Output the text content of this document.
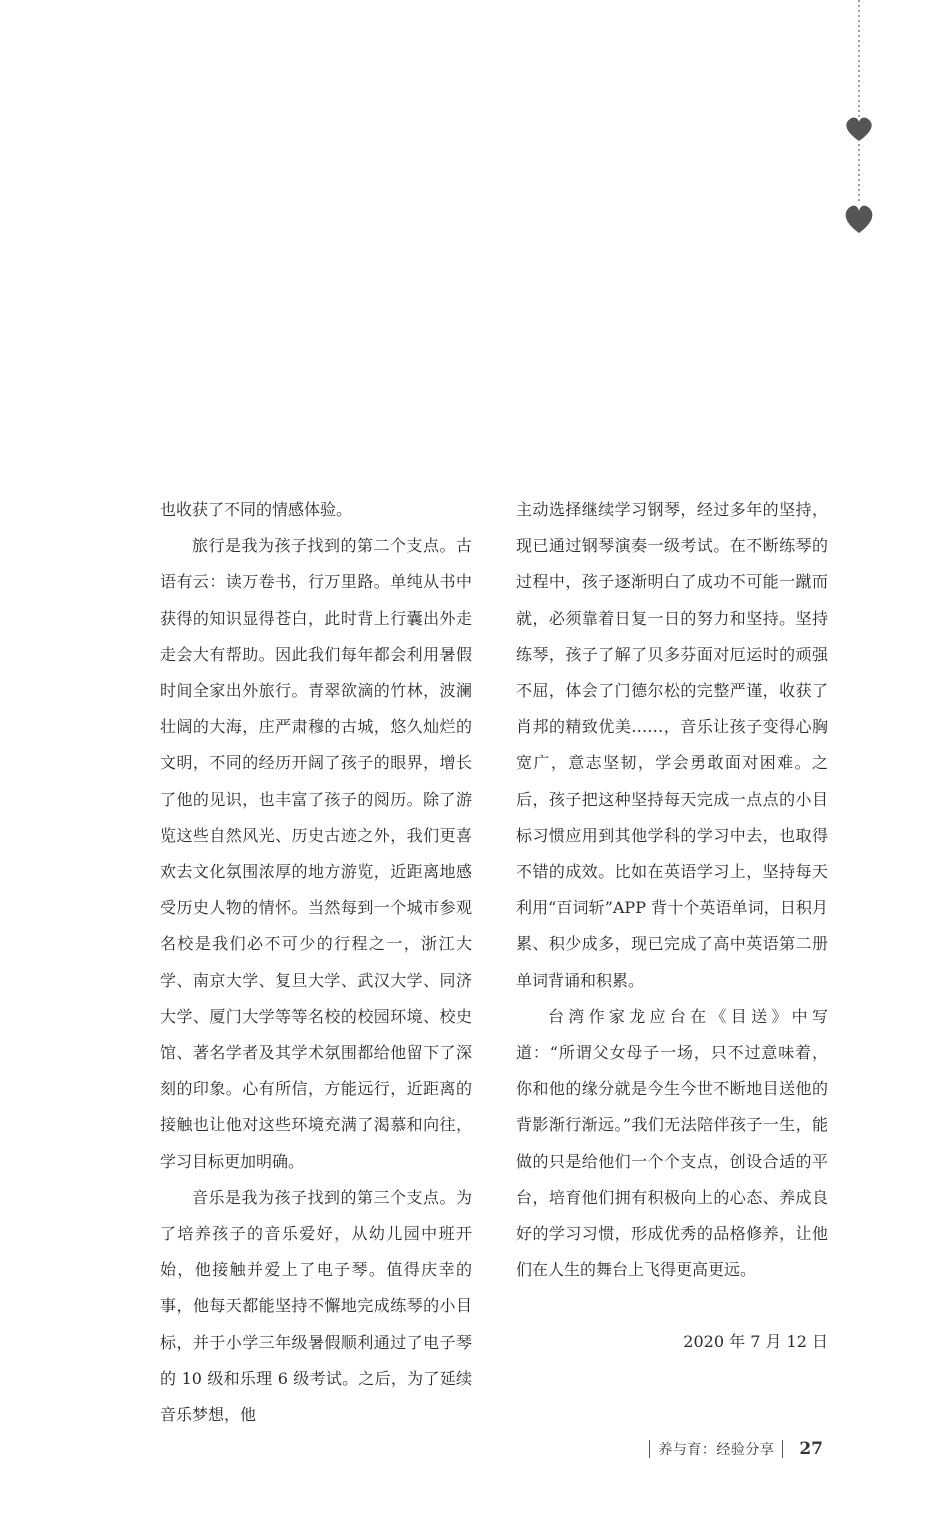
也收获了不同的情感体验。

旅行是我为孩子找到的第二个支点。古语有云：读万卷书，行万里路。单纯从书中获得的知识显得苍白，此时背上行囊出外走走会大有帮助。因此我们每年都会利用暑假时间全家出外旅行。青翠欲滴的竹林，波澜壮阔的大海，庄严肃穆的古城，悠久灿烂的文明，不同的经历开阔了孩子的眼界，增长了他的见识，也丰富了孩子的阅历。除了游览这些自然风光、历史古迹之外，我们更喜欢去文化氛围浓厚的地方游览，近距离地感受历史人物的情怀。当然每到一个城市参观名校是我们必不可少的行程之一，浙江大学、南京大学、复旦大学、武汉大学、同济大学、厦门大学等等名校的校园环境、校史馆、著名学者及其学术氛围都给他留下了深刻的印象。心有所信，方能远行，近距离的接触也让他对这些环境充满了渴慕和向往，学习目标更加明确。

音乐是我为孩子找到的第三个支点。为了培养孩子的音乐爱好，从幼儿园中班开始，他接触并爱上了电子琴。值得庆幸的事，他每天都能坚持不懈地完成练琴的小目标，并于小学三年级暑假顺利通过了电子琴的 10 级和乐理 6 级考试。之后，为了延续音乐梦想，他

主动选择继续学习钢琴，经过多年的坚持，现已通过钢琴演奏一级考试。在不断练琴的过程中，孩子逐渐明白了成功不可能一蹴而就，必须靠着日复一日的努力和坚持。坚持练琴，孩子了解了贝多芬面对厄运时的顽强不屈，体会了门德尔松的完整严谨，收获了肖邦的精致优美……，音乐让孩子变得心胸宽广，意志坚韧，学会勇敢面对困难。之后，孩子把这种坚持每天完成一点点的小目标习惯应用到其他学科的学习中去，也取得不错的成效。比如在英语学习上，坚持每天利用“百词斩”APP 背十个英语单词，日积月累、积少成多，现已完成了高中英语第二册单词背诵和积累。

台湾作家龙应台在《目送》中写道：“所谓父女母子一场，只不过意味着，你和他的缘分就是今生今世不断地目送他的背影渐行渐远。”我们无法陪伴孩子一生，能做的只是给他们一个个支点，创设合适的平台，培育他们拥有积极向上的心态、养成良好的学习习惯，形成优秀的品格修养，让他们在人生的舞台上飞得更高更远。

2020 年 7 月 12 日

养与育：经验分享 27
